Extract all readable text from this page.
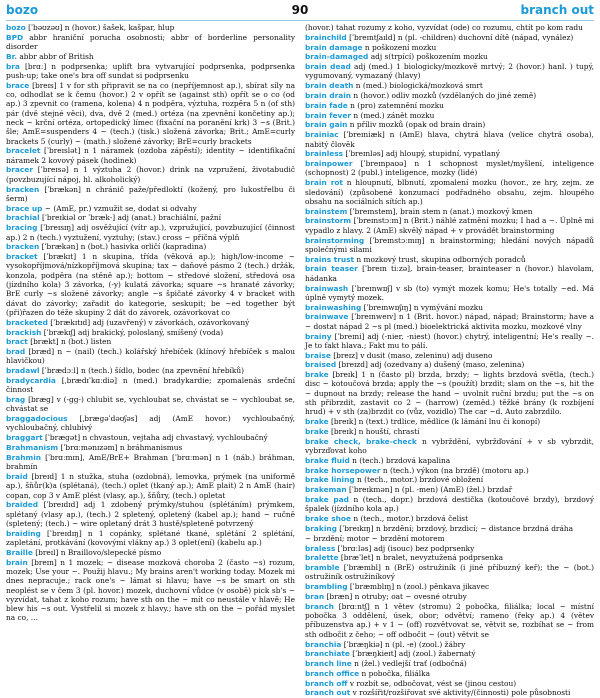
bozo	90	branch out
bozo [ˈbəʊzəʊ] n (hovor.) šašek, kašpar, hlup
BPD abbr hraniční porucha osobnosti; abbr of borderline personality disorder
Br. abbr abbr of British
bra [brɑː] n podprsenka; uplift bra vytvarující podprsenka, podprsenka push-up; take one's bra off sundat si podprsenku
brace [breɪs] 1 v for sth připravit se na co (nepříjemnost ap.), sbírat síly na co, odhodlat se k čemu (hovor.) 2 v opřít se (against sth) opřít se o co (od ap.) 3 zpevnit co (ramena, kolena) 4 n podpěra, výztuha, rozpěra 5 n (of sth) pár (dvě stejné věci), dva, dvě 2 (med.) ortéza (na zpevnění končetiny ap.); neck ~ krční ortéza, ortopedický límec (fixační na poranění krk) 3 ~s (Brit.) šle; AmE=suspenders 4 ~ (tech.) (tisk.) složená závorka; Brit.; AmE=curly brackets 5 (curly) ~ (math.) složené závorky; BrE=curly brackets
bracelet [ˈbreɪslət] n 1 náramek (ozdoba zápěstí); identity ~ identifikační náramek 2 kovový pásek (hodinek)
bracer [ˈbreɪsə] n 1 výztuha 2 (hovor.) drink na vzpružení, životabudič (povzbuzující nápoj, hl. alkoholický)
bracken [ˈbrækən] n chránič paže/předloktí (kožený, pro lukostřelbu či šerm)
brace up ~ (AmE, pr.) vzmužit se, dodat si odvahy
brachial [ˈbreɪkiəl or ˈbræk-] adj (anat.) brachiální, pažní
bracing [ˈbreɪsɪŋ] adj osvěžující (vítr ap.), vzpružující, povzbuzující (činnost ap.) 2 n (tech.) vyztužení, vyztuhy; (stav.) cross ~ příčná výplň
bracken [ˈbrækən] n (bot.) hasivka orličí (kapradina)
bracket [ˈbrækɪt] 1 n skupina, třída (věková ap.); high/low-income ~ vysokopříjmová/nízkopříjmová skupina; tax ~ daňové pásmo 2 (tech.) držák, konzola, podpěra (na stěně ap.); bottom ~ středové složení, středová osa (jízdního kola) 3 závorka, (-y) kulatá závorka; square ~s hranaté závorky; BrE curly ~s složené závorky; angle ~s špičaté závorky 4 v bracket with dávat do závorky; zařadit do kategorie, seskupit; be ~ed together být (při)řazen do téže skupiny 2 dát do závorek, ozávorkovat co
bracketed [ˈbrækɪtɪd] adj (uzavřený) v závorkách, ozávorkovaný
brackish [ˈbrækɪʃ] adj brakický, poloslaný, smíšený (voda)
bract [brækt] n (bot.) listen
brad [bræd] n ~ (nail) (tech.) kolářský hřebíček (klínový hřebíček s malou hlavičkou)
bradawl [ˈbrædɔːl] n (tech.) šídlo, bodec (na zpevnění hřebíků)
bradycardia [ˌbrædɪˈkɑːdiə] n (med.) bradykardie; zpomalenás srdeční činnost
brag [bræɡ] v (-gg-) chlubit se, vychloubat se, chvástat se ~ vychloubat se, chvástat se
braggadocious [ˌbræɡəˈdəʊʃəs] adj (AmE hovor.) vychloubačný, vychloubačný, chlubivý
braggart [ˈbræɡət] n chvastoun, vejtaha adj chvastavý, vychloubačný
Brahmanism [ˈbrɑːmənɪzəm] n bráhmanismus
Brahmin [ˈbrɑːmɪn], AmE/BrE+ Brahman [ˈbrɑːmən] n 1 (náb.) bráhman, brahmín
braid [breɪd] 1 n stužka, stuha (ozdobná), lemovka, prýmek (na uniformě ap.), šňůr(k)a (splétaná), (tech.) oplet (tkaný ap.); AmE plait) 2 n AmE (hair) copan, cop 3 v AmE plést (vlasy, ap.), šňůry, (tech.) opletat
braided [ˈbreɪdɪd] adj 1 zdobený prýmky/stuhou (splétáním) prýmkem, splétaný (vlasy ap.), (tech.) 2 spletený, opletený (kabel ap.); hand ~ ručně (spletený; (tech.) ~ wire opletaný drát 3 hustě/spleteně potvrzený
braiding [ˈbreɪdɪŋ] n 1 copánky, splétané tkané, splétání 2 splétání, zapletání, protkávání (kovovými vlákny ap.) 3 oplet(ení) (kabelu ap.)
Braille [breɪl] n Braillovo/slepecké písmo
brain [breɪn] n 1 mozek; ~ disease mozková choroba 2 (často ~s) rozum, mozek; Use your ~. Použij hlavu.; My brains aren't working today. Mozek mi dnes nepracuje.; rack one's ~ lámat si hlavu; have ~s be smart on sth neoplést se v čem 3 (pl. hovor.) mozek, duchovní vůdce (v osobě) pick sb's ~ vyzvídat, tahat z koho rozum; have sth on the ~ mít co neustále v hlavě; He blew his ~s out. Vystřelil si mozek z hlavy.; have sth on the ~ pořád myslet na co, ...
(hovor.) tahat rozumy z koho, vyzvídat (ode) co rozumu, chtít po kom radu
brainchild [ˈbreɪntʃaɪld] n (pl. -children) duchovní dítě (nápad, vynález)
brain damage n poškození mozku
brain-damaged adj s(trpící) poškozením mozku
brain dead adj (med.) 1 biologicky/mozkově mrtvý; 2 (hovor.) hanl. ) tupý, vygumovaný, vymazaný (hlavy)
brain death n (med.) biologická/mozková smrt
brain drain n (hovor.) odliv mozků (vzdělaných do jiné země)
brain fade n (pro) zatemnění mozku
brain fever n (med.) zánět mozku
brain gain n příliv mozků (opak od brain drain)
brainiac [ˈbreɪniæk] n (AmE) hlava, chytrá hlava (velice chytrá osoba), nabitý člověk
brainless [ˈbreɪnləs] adj hloupý, stupidní, vypatlaný
brainpower [ˈbreɪnpaʊə] n 1 schopnost myslet/myšlení, inteligence (schopnost) 2 (publ.) inteligence, mozky (lidé)
brain rot n hloupnutí, blbnutí, zpomalení mozku (hovor., ze hry, zejm. ze sledování) (způsobené konzumací podřadného obsahu, zejm. hloupého obsahu na sociálních sítích ap.)
brainstem [ˈbreɪnstem], brain stem n (anat.) mozkový kmen
brainstorm [ˈbreɪnstɔːm] n (Brit.) náhlé zatmění mozku; I had a ~. Úplně mi vypadlo z hlavy. 2 (AmE) skvělý nápad + v provádět brainstorming
brainstorming [ˈbreɪnstɔːmɪŋ] n brainstorming; hledání nových nápadů společnými silami
brains trust n mozkový trust, skupina odborných poradců
brain teaser [ˈbreɪn tiːzə], brain-teaser, brainteaser n (hovor.) hlavolam, hádanka
brainwash [ˈbreɪnwɒʃ] v sb (to) vymýt mozek komu; He's totally ~ed. Má úplně vymytý mozek.
brainwashing [ˈbreɪnwɒʃɪŋ] n vymývání mozku
brainwave [ˈbreɪnweɪv] n 1 (Brit. hovor.) nápad, nápad; Brainstorm; have a ~ dostat nápad 2 ~s pl (med.) bioelektrická aktivita mozku, mozkové vlny
brainy [ˈbreɪni] adj (-nier, -niest) (hovor.) chytrý, inteligentní; He's really ~. Je to fakt hlava.; Fakt mu to pálí.
braise [breɪz] v dusit (maso, zeleninu) adj duseno
braised [breɪzd] adj (ozedvany a) dušený (maso, zelenina)
brake [breɪk] 1 n (často pl) brzda, brzdy; ~ lights brzdová světla, (tech.) disc ~ kotoučová brzda; apply the ~s (použít) brzdit; slam on the ~s, hit the ~ dupnout na brzdy; release the hand ~ uvolnit ruční brzdu; put the ~s on sth přibrzdit, zastavit co 2 ~ (harrow) (zeměd.) těžké brány (k rozbíjení hrud) + v sth (za)brzdit co (vůz, vozidlo) The car ~d. Auto zabrzdilo.
brake [breɪk] n (text.) trdlice, mědlice (k lámání lnu či konopí)
brake [breɪk] n houští, chrastí
brake check, brake-check n vybrždění, vybržďování + v sb vybrzdit, vybrzďovat koho
brake fluid n (tech.) brzdová kapalina
brake horsepower n (tech.) výkon (na brzdě) (motoru ap.)
brake lining n (tech., motor.) brzdové obložení
brakeman [ˈbreɪkmən] n (pl. -men) (AmE) (žel.) brzdař
brake pad n (tech., dopr.) brzdová destička (kotoučové brzdy), brzdový špalek (jízdního kola ap.)
brake shoe n (tech., motor.) brzdová čelist
braking [ˈbreɪkɪŋ] n brzdění; brzdový, brzdicí; ~ distance brzdná dráha
~ brzdění; motor ~ brzdění motorem
braless [ˈbrɑːləs] adj (isouc) bez podprsenky
bralette [bræˈlet] n bralet, nevyztužená podprsenka
bramble [ˈbræmbl] n (BrE) ostružiník (i jiné příbuzný keř); the ~ (bot.) ostružiník ostružiníkový
brambling [ˈbræmblɪŋ] n (zool.) pěnkava jikavec
bran [bræn] n otruby; oat ~ ovesné otruby
branch [brɑːntʃ] n 1 větev (stromu) 2 pobočka, filiálka; local ~ místní pobočka 3 oddělení, úsek, obor; odvětví; rameno (řeky ap.) 4 (větev příbuzenstva ap.) + v 1 ~ (off) rozvětvovat se, větvit se, rozbíhat se ~ from sth odbočit z čeho; ~ off odbočit ~ (out) větvit se
branchia [ˈbræŋkiə] n (pl. -e) (zool.) žábry
branchiate [ˈbræŋkieɪt] adj (zool.) žabernatý
branch line n (žel.) vedlejší trať (odbočná)
branch office n pobočka, filiálka
branch off v rozbít se, odbočovat, vést se (jinou cestou)
branch out v rozšířit/rozšiřovat své aktivity/(činnosti) pole působnosti
